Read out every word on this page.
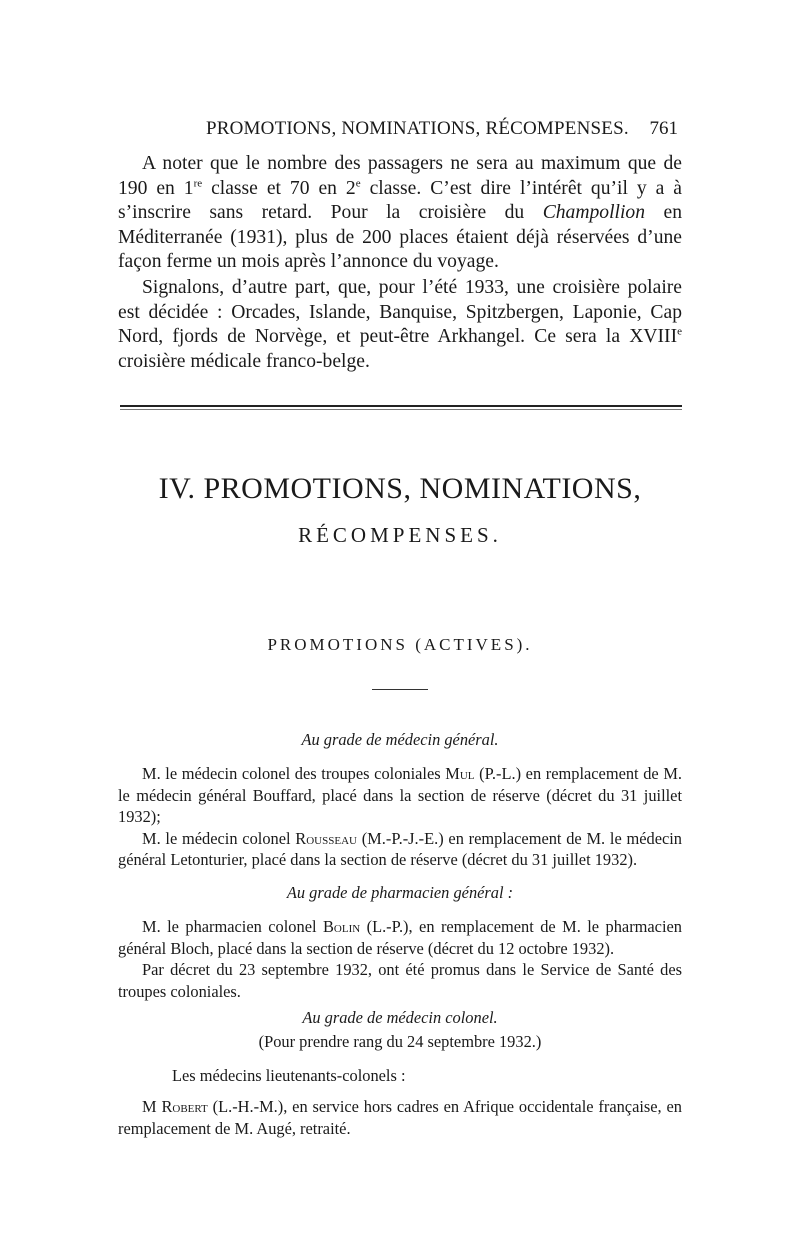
PROMOTIONS, NOMINATIONS, RÉCOMPENSES. 761

A noter que le nombre des passagers ne sera au maximum que de 190 en 1re classe et 70 en 2e classe. C’est dire l’intérêt qu’il y a à s’inscrire sans retard. Pour la croisière du Champollion en Méditerranée (1931), plus de 200 places étaient déjà réservées d’une façon ferme un mois après l’annonce du voyage.

Signalons, d’autre part, que, pour l’été 1933, une croisière polaire est décidée : Orcades, Islande, Banquise, Spitzbergen, Laponie, Cap Nord, fjords de Norvège, et peut-être Arkhangel. Ce sera la XVIIIe croisière médicale franco-belge.

IV. PROMOTIONS, NOMINATIONS,
RÉCOMPENSES.
PROMOTIONS (ACTIVES).
Au grade de médecin général.

M. le médecin colonel des troupes coloniales Mul (P.-L.) en remplacement de M. le médecin général Bouffard, placé dans la section de réserve (décret du 31 juillet 1932);

M. le médecin colonel Rousseau (M.-P.-J.-E.) en remplacement de M. le médecin général Letonturier, placé dans la section de réserve (décret du 31 juillet 1932).

Au grade de pharmacien général :

M. le pharmacien colonel Bolin (L.-P.), en remplacement de M. le pharmacien général Bloch, placé dans la section de réserve (décret du 12 octobre 1932).

Par décret du 23 septembre 1932, ont été promus dans le Service de Santé des troupes coloniales.

Au grade de médecin colonel.
(Pour prendre rang du 24 septembre 1932.)
Les médecins lieutenants-colonels :

M Robert (L.-H.-M.), en service hors cadres en Afrique occidentale française, en remplacement de M. Augé, retraité.
